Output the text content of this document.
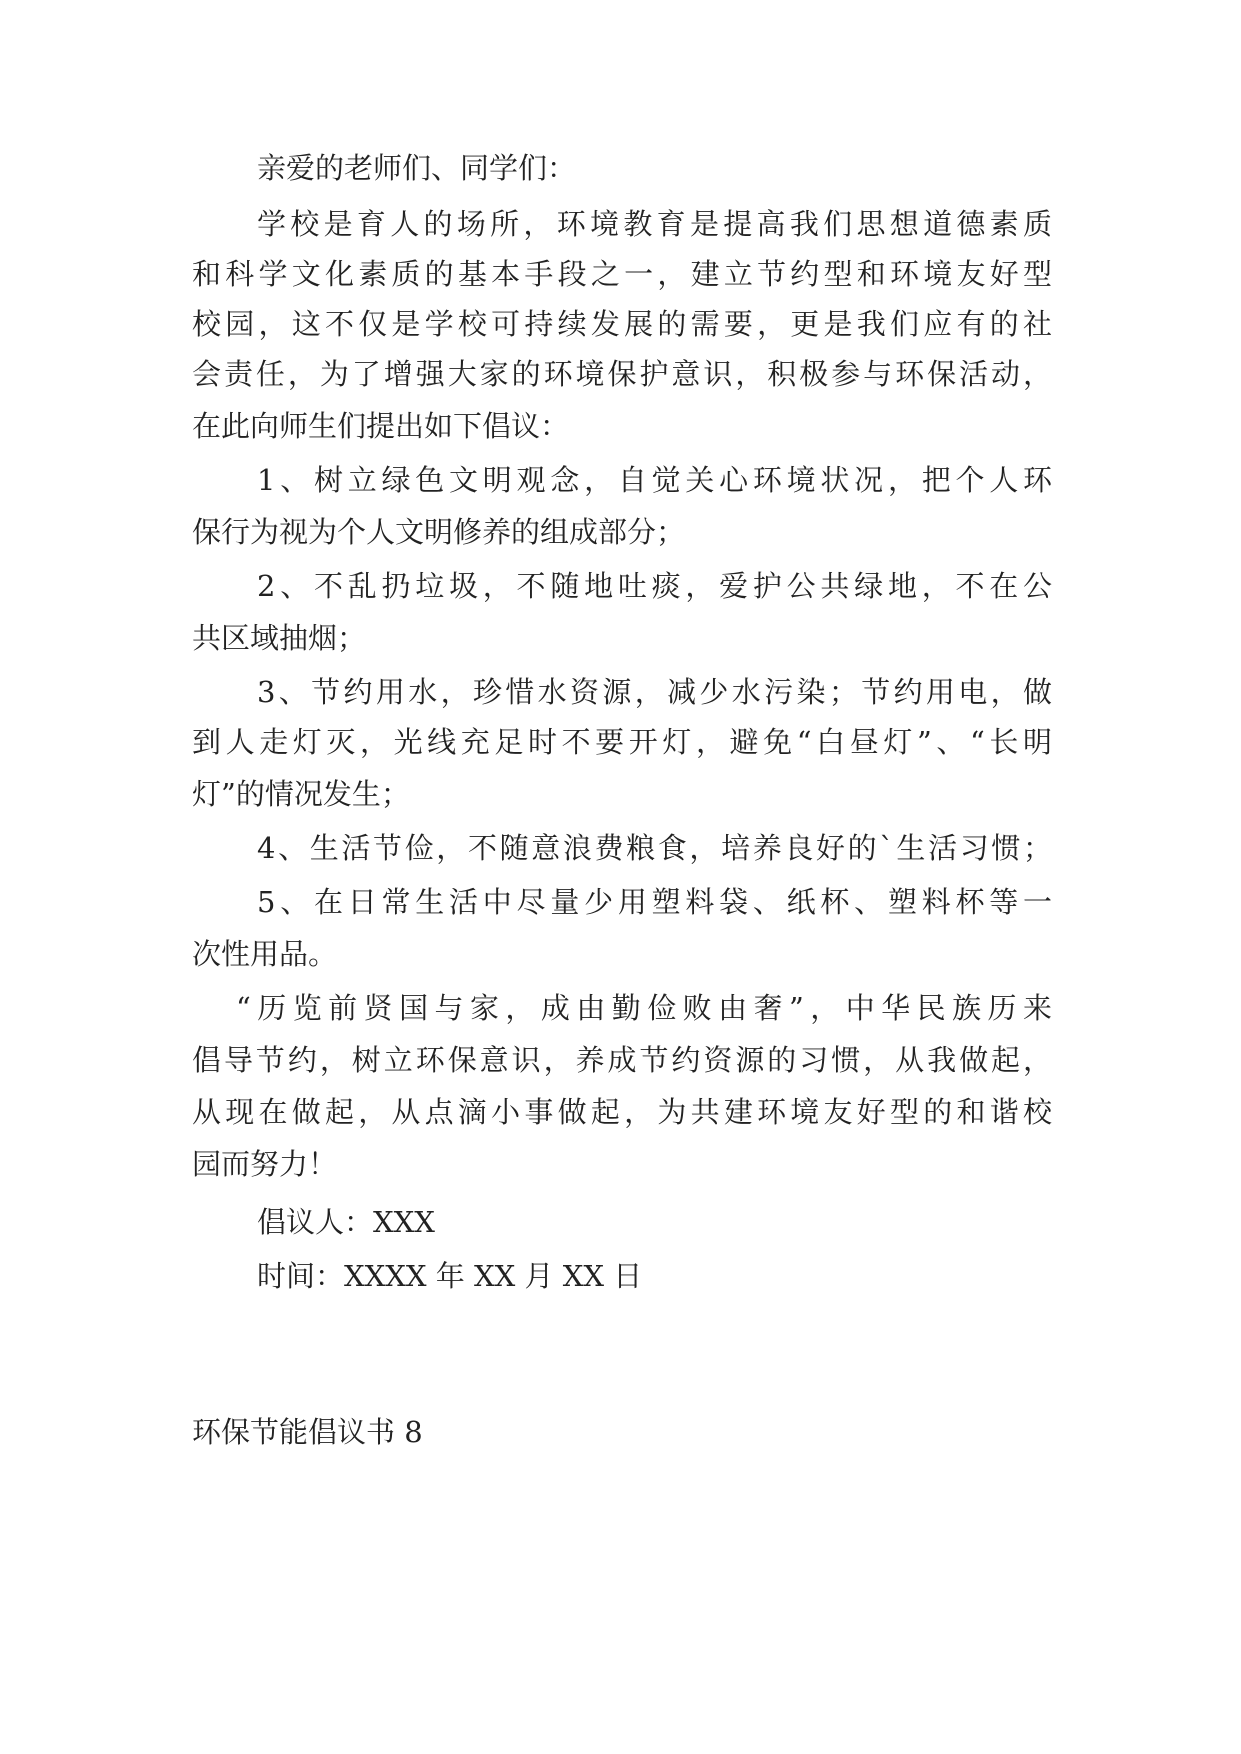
亲爱的老师们、同学们：
学校是育人的场所，环境教育是提高我们思想道德素质
和科学文化素质的基本手段之一，建立节约型和环境友好型
校园，这不仅是学校可持续发展的需要，更是我们应有的社
会责任，为了增强大家的环境保护意识，积极参与环保活动，
在此向师生们提出如下倡议：
1、树立绿色文明观念，自觉关心环境状况，把个人环
保行为视为个人文明修养的组成部分；
2、不乱扔垃圾，不随地吐痰，爱护公共绿地，不在公
共区域抽烟；
3、节约用水，珍惜水资源，减少水污染；节约用电，做
到人走灯灭，光线充足时不要开灯，避免“白昼灯”、“长明
灯”的情况发生；
4、生活节俭，不随意浪费粮食，培养良好的`生活习惯；
5、在日常生活中尽量少用塑料袋、纸杯、塑料杯等一
次性用品。
“历览前贤国与家，成由勤俭败由奢”，中华民族历来
倡导节约，树立环保意识，养成节约资源的习惯，从我做起，
从现在做起，从点滴小事做起，为共建环境友好型的和谐校
园而努力！
倡议人：XXX
时间：XXXX 年 XX 月 XX 日
环保节能倡议书 8
